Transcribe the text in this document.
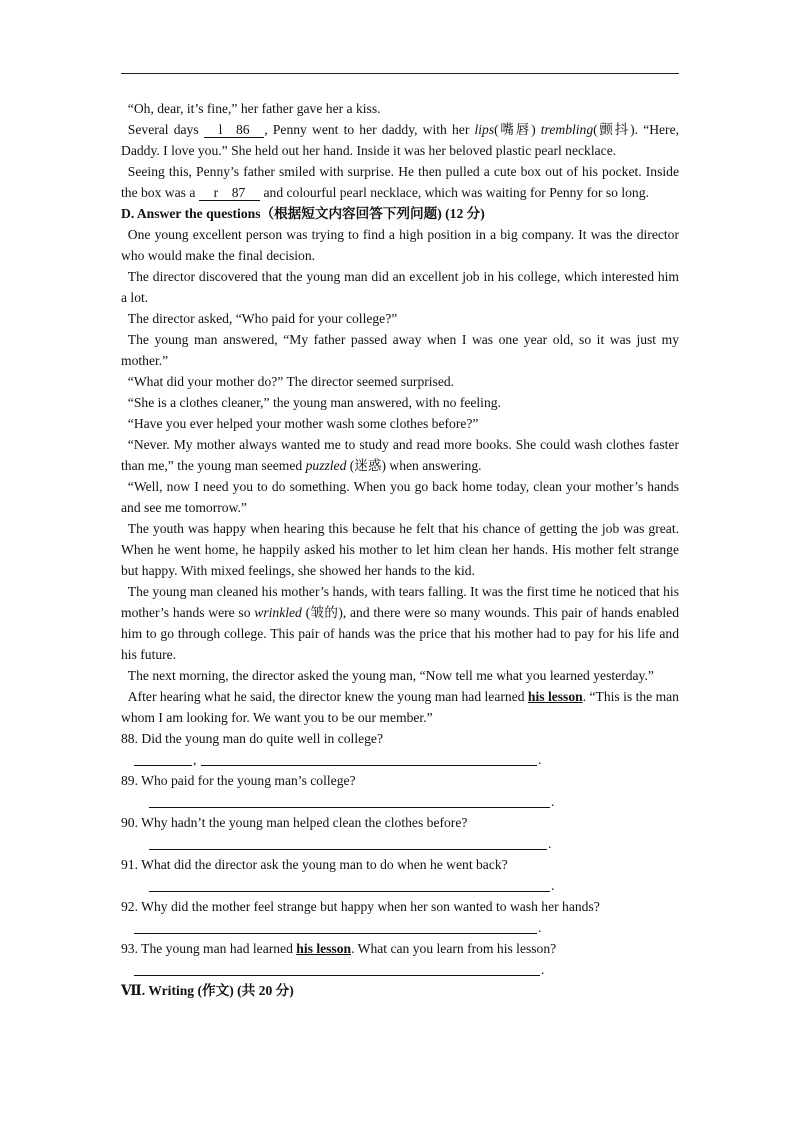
“Oh, dear, it’s fine,” her father gave her a kiss.

Several days l 86 , Penny went to her daddy, with her lips(嘴唇) trembling(颤抖). “Here, Daddy. I love you.” She held out her hand. Inside it was her beloved plastic pearl necklace.

Seeing this, Penny’s father smiled with surprise. He then pulled a cute box out of his pocket. Inside the box was a r 87   and colourful pearl necklace, which was waiting for Penny for so long.

D. Answer the questions（根据短文内容回答下列问题) (12 分)

One young excellent person was trying to find a high position in a big company. It was the director who would make the final decision.

The director discovered that the young man did an excellent job in his college, which interested him a lot.

The director asked, “Who paid for your college?”

The young man answered, “My father passed away when I was one year old, so it was just my mother.”

“What did your mother do?” The director seemed surprised.

“She is a clothes cleaner,” the young man answered, with no feeling.

“Have you ever helped your mother wash some clothes before?”

“Never. My mother always wanted me to study and read more books. She could wash clothes faster than me,” the young man seemed puzzled (迷惑) when answering.

“Well, now I need you to do something. When you go back home today, clean your mother’s hands and see me tomorrow.”

The youth was happy when hearing this because he felt that his chance of getting the job was great. When he went home, he happily asked his mother to let him clean her hands. His mother felt strange but happy. With mixed feelings, she showed her hands to the kid.

The young man cleaned his mother’s hands, with tears falling. It was the first time he noticed that his mother’s hands were so wrinkled (皱的), and there were so many wounds. This pair of hands enabled him to go through college. This pair of hands was the price that his mother had to pay for his life and his future.

The next morning, the director asked the young man, “Now tell me what you learned yesterday.”

After hearing what he said, the director knew the young man had learned his lesson. “This is the man whom I am looking for. We want you to be our member.”

88. Did the young man do quite well in college?

,	.

89. Who paid for the young man’s college?

.

90. Why hadn’t the young man helped clean the clothes before?

.

91. What did the director ask the young man to do when he went back?

.

92. Why did the mother feel strange but happy when her son wanted to wash her hands?

.

93. The young man had learned his lesson. What can you learn from his lesson?

.

Ⅶ. Writing (作文) (共 20 分)
